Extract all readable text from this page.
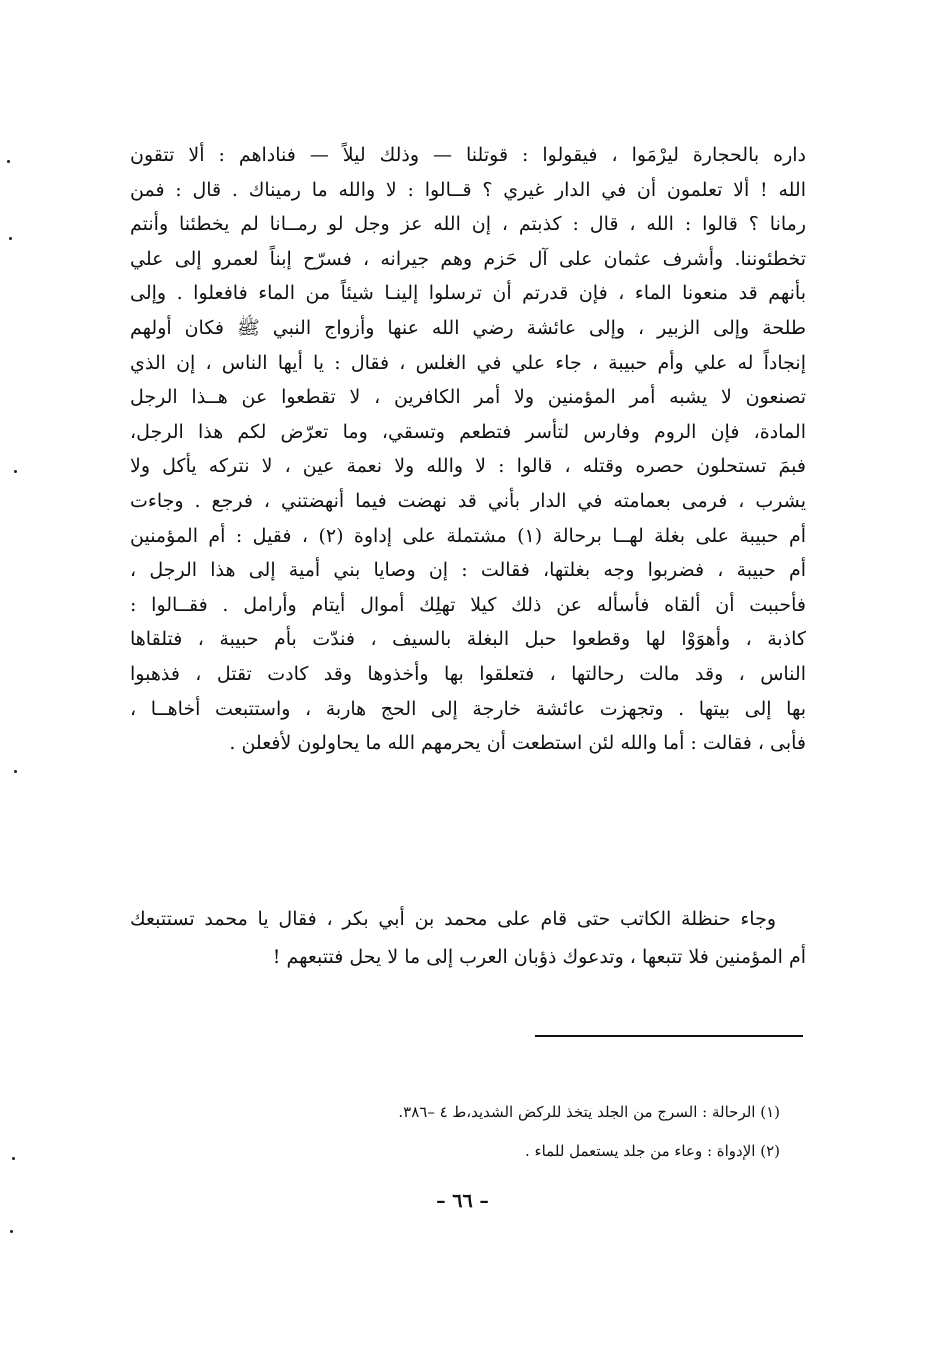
داره بالحجارة ليرْمَوا ، فيقولوا : قوتلنا — وذلك ليلاً — فناداهم : ألا تتقون
الله ! ألا تعلمون أن في الدار غيري ؟ قــالوا : لا والله ما رميناك . قال : فمن
رمانا ؟ قالوا : الله ، قال : كذبتم ، إن الله عز وجل لو رمــانا لم يخطئنا وأنتم
تخطئوننا. وأشرف عثمان على آل حَزم وهم جيرانه ، فسرّح إبناً لعمرو إلى علي
بأنهم قد منعونا الماء ، فإن قدرتم أن ترسلوا إلينـا شيئاً من الماء فافعلوا . وإلى
طلحة وإلى الزبير ، وإلى عائشة رضي الله عنها وأزواج النبي ﷺ فكان أولهم
إنجاداً له علي وأم حبيبة ، جاء علي في الغلس ، فقال : يا أيها الناس ، إن الذي
تصنعون لا يشبه أمر المؤمنين ولا أمر الكافرين ، لا تقطعوا عن هــذا الرجل
المادة، فإن الروم وفارس لتأسر فتطعم وتسقي، وما تعرّض لكم هذا الرجل،
فبمَ تستحلون حصره وقتله ، قالوا : لا والله ولا نعمة عين ، لا نتركه يأكل ولا
يشرب ، فرمى بعمامته في الدار بأني قد نهضت فيما أنهضتني ، فرجع . وجاءت
أم حبيبة على بغلة لهــا برحالة (١) مشتملة على إداوة (٢) ، فقيل : أم المؤمنين
أم حبيبة ، فضربوا وجه بغلتها، فقالت : إن وصايا بني أمية إلى هذا الرجل ،
فأحببت أن ألقاه فأسأله عن ذلك كيلا تهلِك أموال أيتام وأرامل . فقــالوا :
كاذبة ، وأهوَوْا لها وقطعوا حبل البغلة بالسيف ، فندّت بأم حبيبة ، فتلقاها
الناس ، وقد مالت رحالتها ، فتعلقوا بها وأخذوها وقد كادت تقتل ، فذهبوا
بها إلى بيتها . وتجهزت عائشة خارجة إلى الحج هاربة ، واستتبعت أخاهــا ،
فأبى ، فقالت : أما والله لئن استطعت أن يحرمهم الله ما يحاولون لأفعلن .
وجاء حنظلة الكاتب حتى قام على محمد بن أبي بكر ، فقال يا محمد تستتبعك
أم المؤمنين فلا تتبعها ، وتدعوك ذؤبان العرب إلى ما لا يحل فتتبعهم !
(١) الرحالة : السرج من الجلد يتخذ للركض الشديد،ط ٤ –٣٨٦.
(٢) الإدواة : وعاء من جلد يستعمل للماء .
– ٦٦ –
